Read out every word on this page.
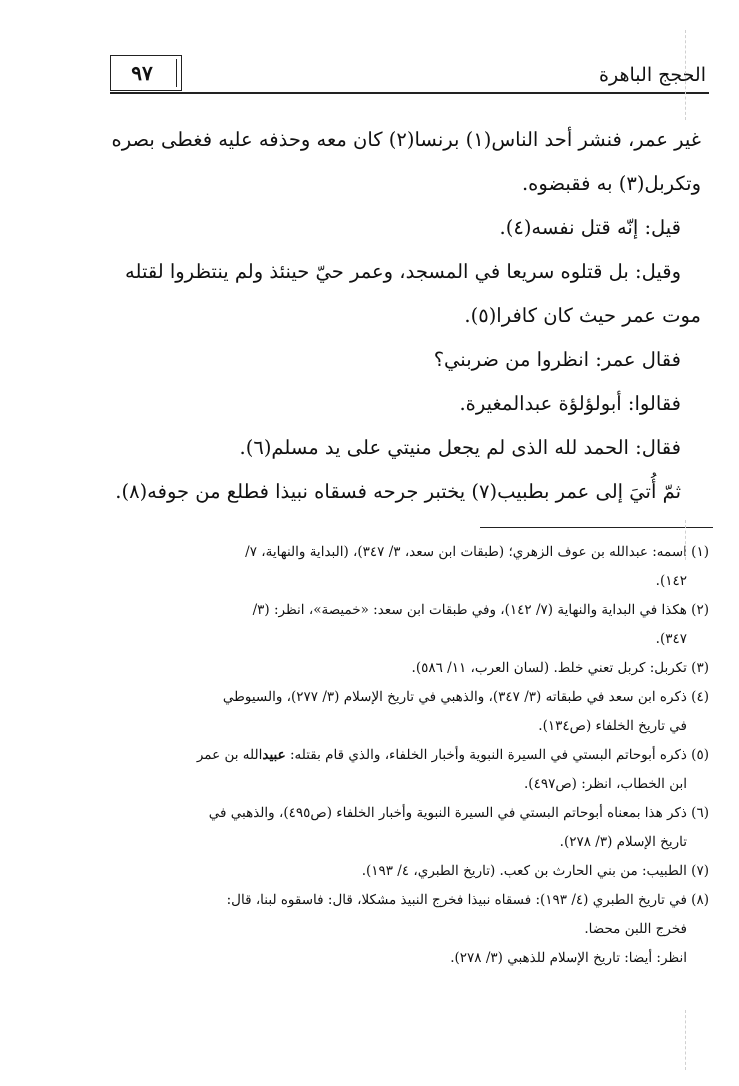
٩٧	الحجج الباهرة

غير عمر، فنشر أحد الناس(١) برنسا(٢) كان معه وحذفه عليه فغطى بصره

وتكربل(٣) به فقبضوه.

قيل: إنّه قتل نفسه(٤).

وقيل: بل قتلوه سريعا في المسجد، وعمر حيّ حينئذ ولم ينتظروا لقتله

موت عمر حيث كان كافرا(٥).

فقال عمر: انظروا من ضربني؟

فقالوا: أبولؤلؤة عبدالمغيرة.

فقال: الحمد لله الذى لم يجعل منيتي على يد مسلم(٦).

ثمّ أُتيَ إلى عمر بطبيب(٧) يختبر جرحه فسقاه نبيذا فطلع من جوفه(٨).

(١) اسمه: عبدالله بن عوف الزهري؛ (طبقات ابن سعد، ٣/ ٣٤٧)، (البداية والنهاية، ٧/

١٤٢).

(٢) هكذا في البداية والنهاية (٧/ ١٤٢)، وفي طبقات ابن سعد: «خميصة»، انظر: (٣/

٣٤٧).

(٣) تكربل: كربل تعني خلط. (لسان العرب، ١١/ ٥٨٦).

(٤) ذكره ابن سعد في طبقاته (٣/ ٣٤٧)، والذهبي في تاريخ الإسلام (٣/ ٢٧٧)، والسيوطي

في تاريخ الخلفاء (ص١٣٤).

(٥) ذكره أبوحاتم البستي في السيرة النبوية وأخبار الخلفاء، والذي قام بقتله: عبيدالله بن عمر

ابن الخطاب، انظر: (ص٤٩٧).

(٦) ذكر هذا بمعناه أبوحاتم البستي في السيرة النبوية وأخبار الخلفاء (ص٤٩٥)، والذهبي في

تاريخ الإسلام (٣/ ٢٧٨).

(٧) الطبيب: من بني الحارث بن كعب. (تاريخ الطبري، ٤/ ١٩٣).

(٨) في تاريخ الطبري (٤/ ١٩٣): فسقاه نبيذا فخرج النبيذ مشكلا، قال: فاسقوه لبنا، قال:

فخرج اللبن محضا.

انظر: أيضا: تاريخ الإسلام للذهبي (٣/ ٢٧٨).
